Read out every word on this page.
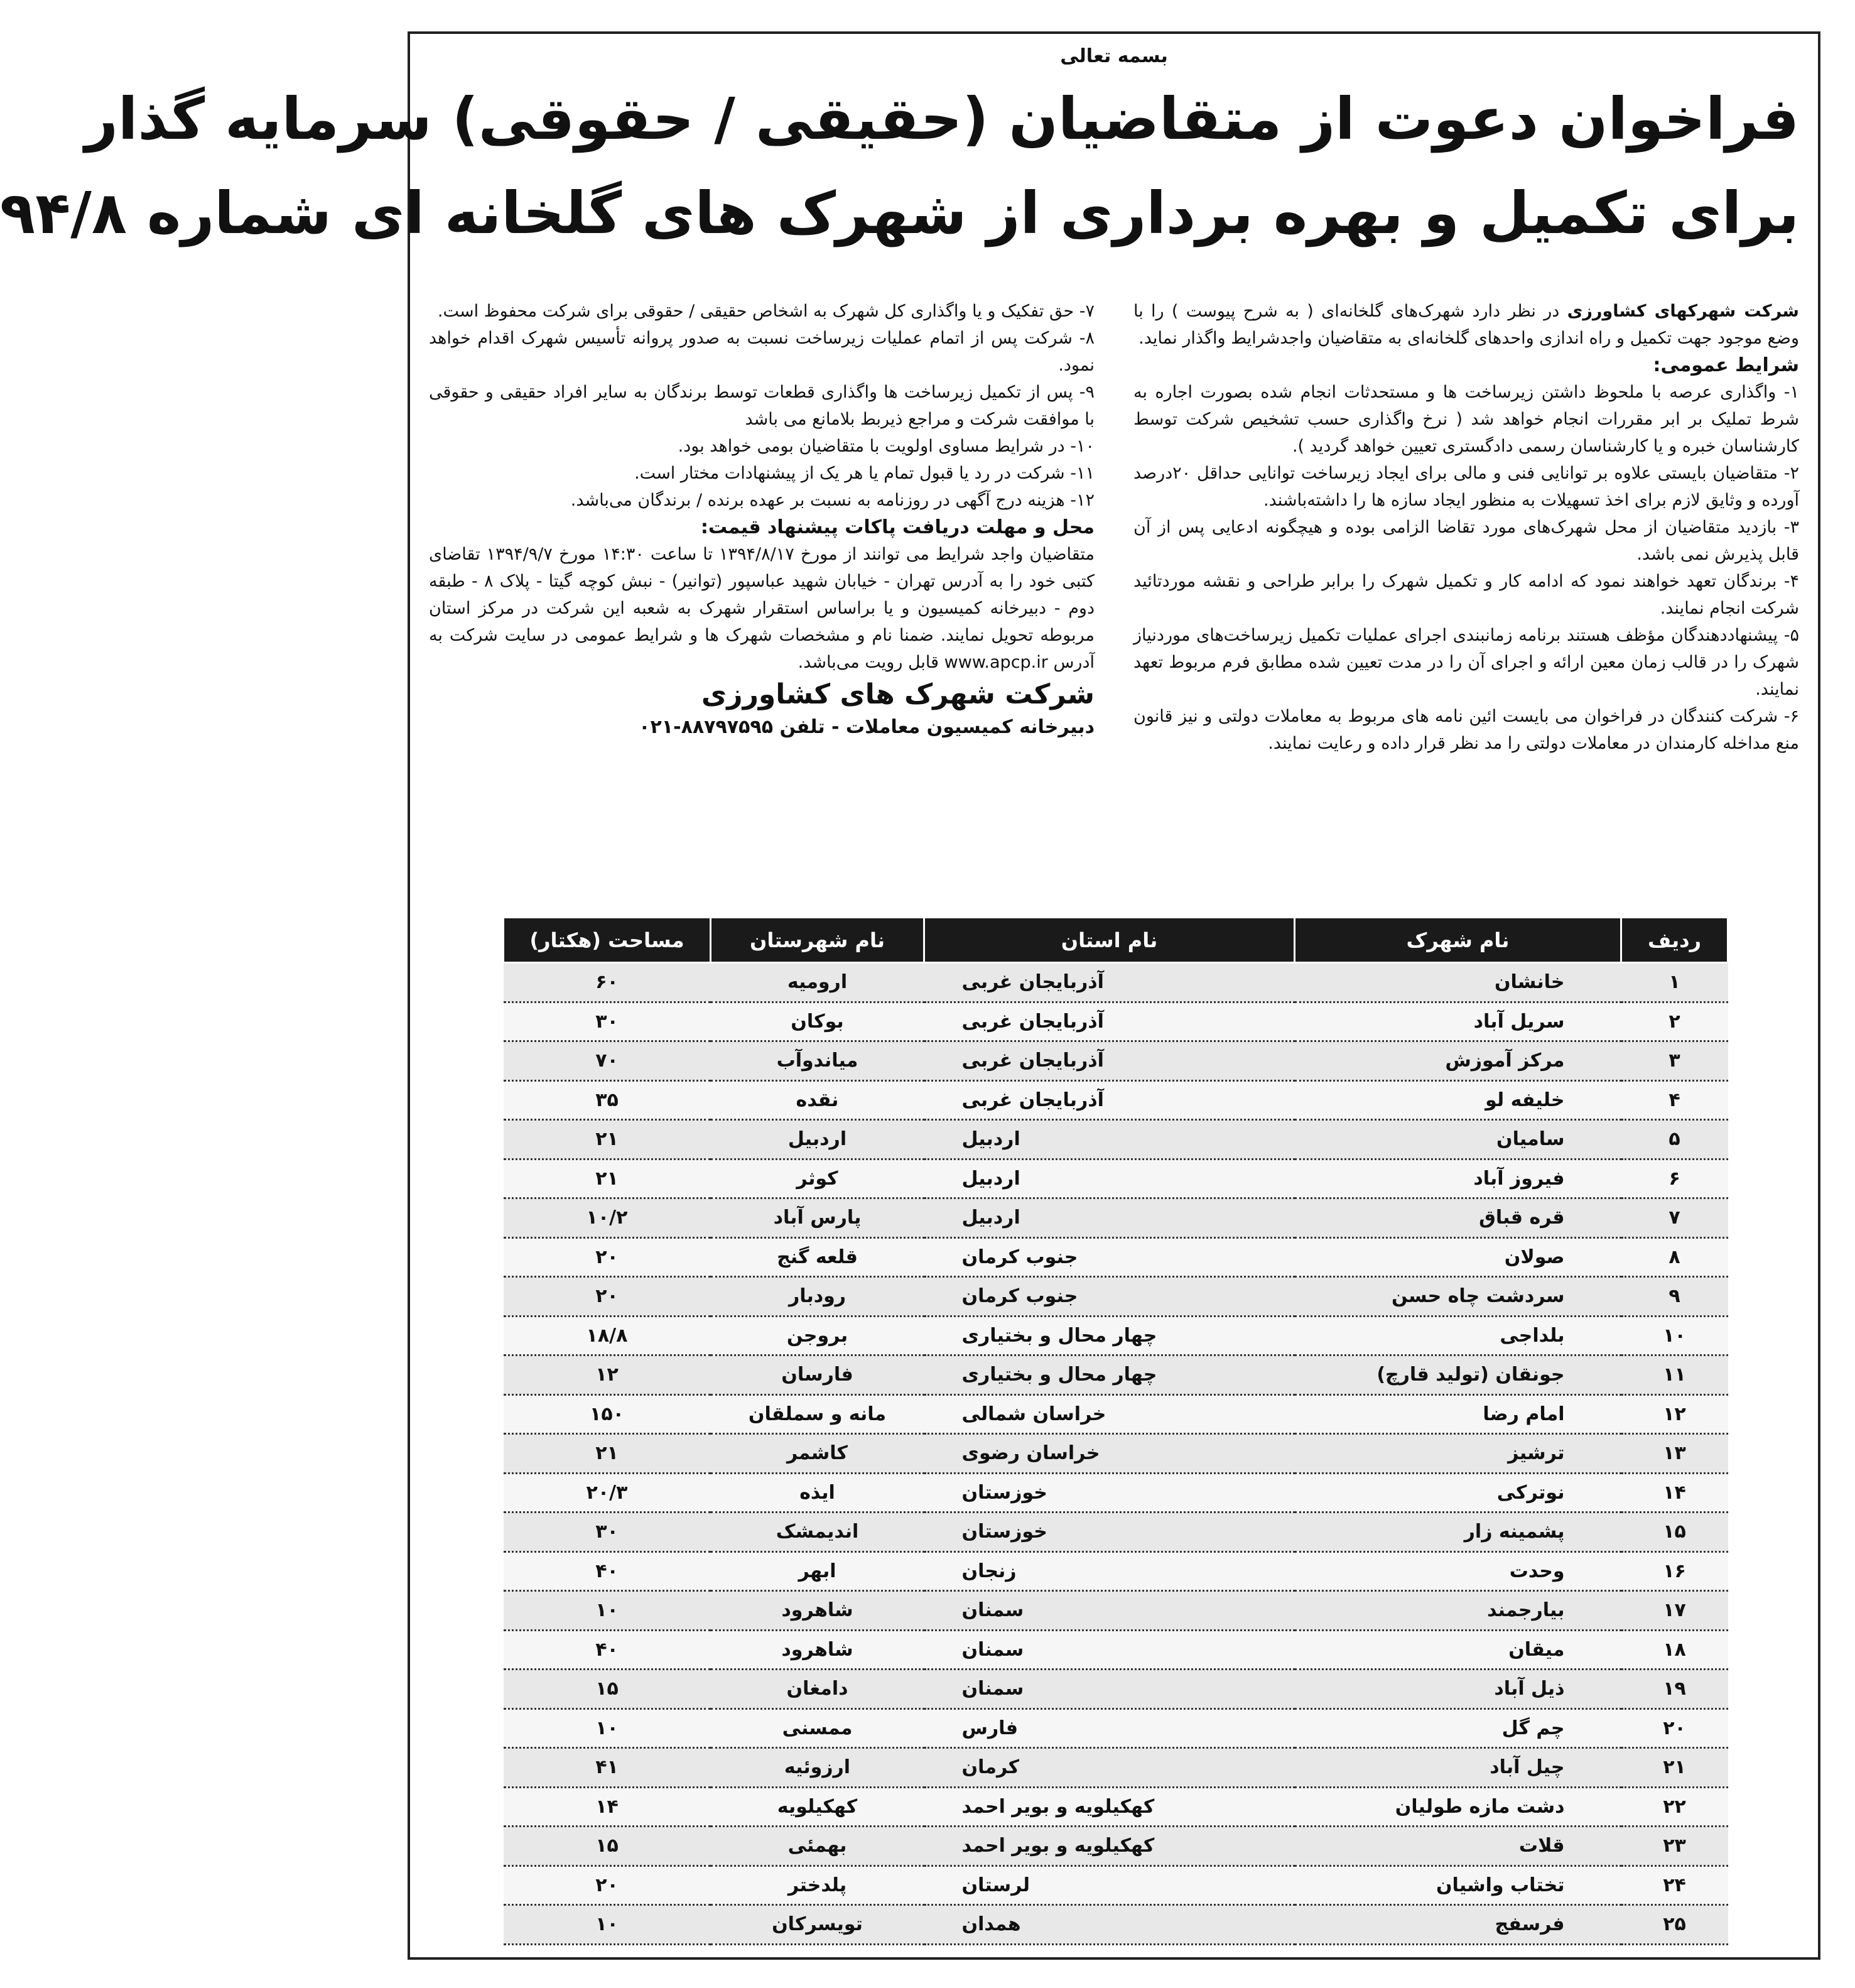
بسمه تعالی
فراخوان دعوت از متقاضیان (حقیقی / حقوقی) سرمایه گذار
برای تکمیل و بهره برداری از شهرک های گلخانه ای شماره ۹۴/۸

شرکت شهرکهای کشاورزی در نظر دارد شهرک‌های گلخانه‌ای ( به شرح پیوست ) را با وضع موجود جهت تکمیل و راه اندازی واحدهای گلخانه‌ای به متقاضیان واجدشرایط واگذار نماید.

شرایط عمومی:

۱- واگذاری عرصه با ملحوظ داشتن زیرساخت ها و مستحدثات انجام شده بصورت اجاره به شرط تملیک بر ابر مقررات انجام خواهد شد ( نرخ واگذاری حسب تشخیص شرکت توسط کارشناسان خبره و یا کارشناسان رسمی دادگستری تعیین خواهد گردید ).

۲- متقاضیان بایستی علاوه بر توانایی فنی و مالی برای ایجاد زیرساخت توانایی حداقل ۲۰درصد آورده و وثایق لازم برای اخذ تسهیلات به منظور ایجاد سازه ها را داشته‌باشند.

۳- بازدید متقاضیان از محل شهرک‌های مورد تقاضا الزامی بوده و هیچگونه ادعایی پس از آن قابل پذیرش نمی باشد.

۴- برندگان تعهد خواهند نمود که ادامه کار و تکمیل شهرک را برابر طراحی و نقشه موردتائید شرکت انجام نمایند.

۵- پیشنهاددهندگان مؤظف هستند برنامه زمانبندی اجرای عملیات تکمیل زیرساخت‌های موردنیاز شهرک را در قالب زمان معین ارائه و اجرای آن را در مدت تعیین شده مطابق فرم مربوط تعهد نمایند.

۶- شرکت کنندگان در فراخوان می بایست ائین نامه های مربوط به معاملات دولتی و نیز قانون منع مداخله کارمندان در معاملات دولتی را مد نظر قرار داده و رعایت نمایند.

۷- حق تفکیک و یا واگذاری کل شهرک به اشخاص حقیقی / حقوقی برای شرکت محفوظ است.

۸- شرکت پس از اتمام عملیات زیرساخت نسبت به صدور پروانه تأسیس شهرک اقدام خواهد نمود.

۹- پس از تکمیل زیرساخت ها واگذاری قطعات توسط برندگان به سایر افراد حقیقی و حقوقی با موافقت شرکت و مراجع ذیربط بلامانع می باشد

۱۰- در شرایط مساوی اولویت با متقاضیان بومی خواهد بود.

۱۱- شرکت در رد یا قبول تمام یا هر یک از پیشنهادات مختار است.

۱۲- هزینه درج آگهی در روزنامه به نسبت بر عهده برنده / برندگان می‌باشد.

محل و مهلت دریافت پاکات پیشنهاد قیمت:

متقاضیان واجد شرایط می توانند از مورخ ۱۳۹۴/۸/۱۷ تا ساعت ۱۴:۳۰ مورخ ۱۳۹۴/۹/۷ تقاضای کتبی خود را به آدرس تهران - خیابان شهید عباسپور (توانیر) - نبش کوچه گیتا - پلاک ۸ - طبقه دوم - دبیرخانه کمیسیون و یا براساس استقرار شهرک به شعبه این شرکت در مرکز استان مربوطه تحویل نمایند. ضمنا نام و مشخصات شهرک ها و شرایط عمومی در سایت شرکت به آدرس www.apcp.ir قابل رویت می‌باشد.

شرکت شهرک های کشاورزی

دبیرخانه کمیسیون معاملات - تلفن ۸۸۷۹۷۵۹۵-۰۲۱

ردیف	نام شهرک	نام استان	نام شهرستان	مساحت (هکتار)
۱	خانشان	آذربایجان غربی	ارومیه	۶۰
۲	سریل آباد	آذربایجان غربی	بوکان	۳۰
۳	مرکز آموزش	آذربایجان غربی	میاندوآب	۷۰
۴	خلیفه لو	آذربایجان غربی	نقده	۳۵
۵	سامیان	اردبیل	اردبیل	۲۱
۶	فیروز آباد	اردبیل	کوثر	۲۱
۷	قره قباق	اردبیل	پارس آباد	۱۰/۲
۸	صولان	جنوب کرمان	قلعه گنج	۲۰
۹	سردشت چاه حسن	جنوب کرمان	رودبار	۲۰
۱۰	بلداجی	چهار محال و بختیاری	بروجن	۱۸/۸
۱۱	جونقان (تولید قارچ)	چهار محال و بختیاری	فارسان	۱۲
۱۲	امام رضا	خراسان شمالی	مانه و سملقان	۱۵۰
۱۳	ترشیز	خراسان رضوی	کاشمر	۲۱
۱۴	نوترکی	خوزستان	ایذه	۲۰/۳
۱۵	پشمینه زار	خوزستان	اندیمشک	۳۰
۱۶	وحدت	زنجان	ابهر	۴۰
۱۷	بیارجمند	سمنان	شاهرود	۱۰
۱۸	میقان	سمنان	شاهرود	۴۰
۱۹	ذیل آباد	سمنان	دامغان	۱۵
۲۰	چم گل	فارس	ممسنی	۱۰
۲۱	چیل آباد	کرمان	ارزوئیه	۴۱
۲۲	دشت مازه طولیان	کهکیلویه و بویر احمد	کهکیلویه	۱۴
۲۳	قلات	کهکیلویه و بویر احمد	بهمئی	۱۵
۲۴	تختاب واشیان	لرستان	پلدختر	۲۰
۲۵	فرسفج	همدان	تویسرکان	۱۰
